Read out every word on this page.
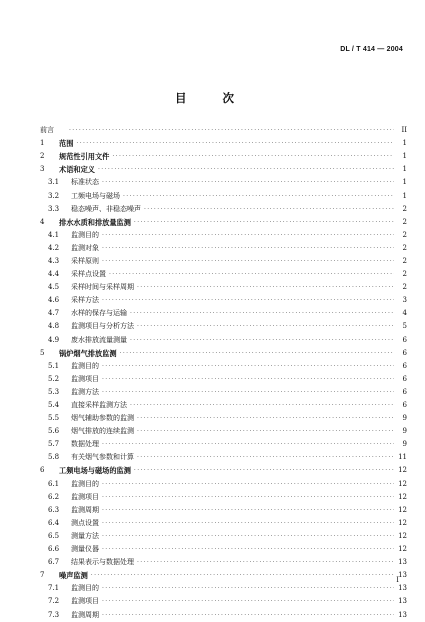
DL / T 414 — 2004
目 次
前言 ·····	II
1	范围 ·····	1
2	规范性引用文件 ·····	1
3	术语和定义 ·····	1
3.1	标准状态 ·····	1
3.2	工频电场与磁场 ·····	1
3.3	稳态噪声、非稳态噪声 ·····	2
4	排水水质和排放量监测 ·····	2
4.1	监测目的 ·····	2
4.2	监测对象 ·····	2
4.3	采样原则 ·····	2
4.4	采样点设置 ·····	2
4.5	采样时间与采样周期 ·····	2
4.6	采样方法 ·····	3
4.7	水样的保存与运输 ·····	4
4.8	监测项目与分析方法 ·····	5
4.9	废水排放流量测量 ·····	6
5	锅炉烟气排放监测 ·····	6
5.1	监测目的 ·····	6
5.2	监测项目 ·····	6
5.3	监测方法 ·····	6
5.4	直接采样监测方法 ·····	6
5.5	烟气辅助参数的监测 ·····	9
5.6	烟气排放的连续监测 ·····	9
5.7	数据处理 ·····	9
5.8	有关烟气参数和计算 ·····	11
6	工频电场与磁场的监测 ·····	12
6.1	监测目的 ·····	12
6.2	监测项目 ·····	12
6.3	监测周期 ·····	12
6.4	测点设置 ·····	12
6.5	测量方法 ·····	12
6.6	测量仪器 ·····	12
6.7	结果表示与数据处理 ·····	13
7	噪声监测 ·····	13
7.1	监测目的 ·····	13
7.2	监测项目 ·····	13
7.3	监测周期 ·····	13
I
